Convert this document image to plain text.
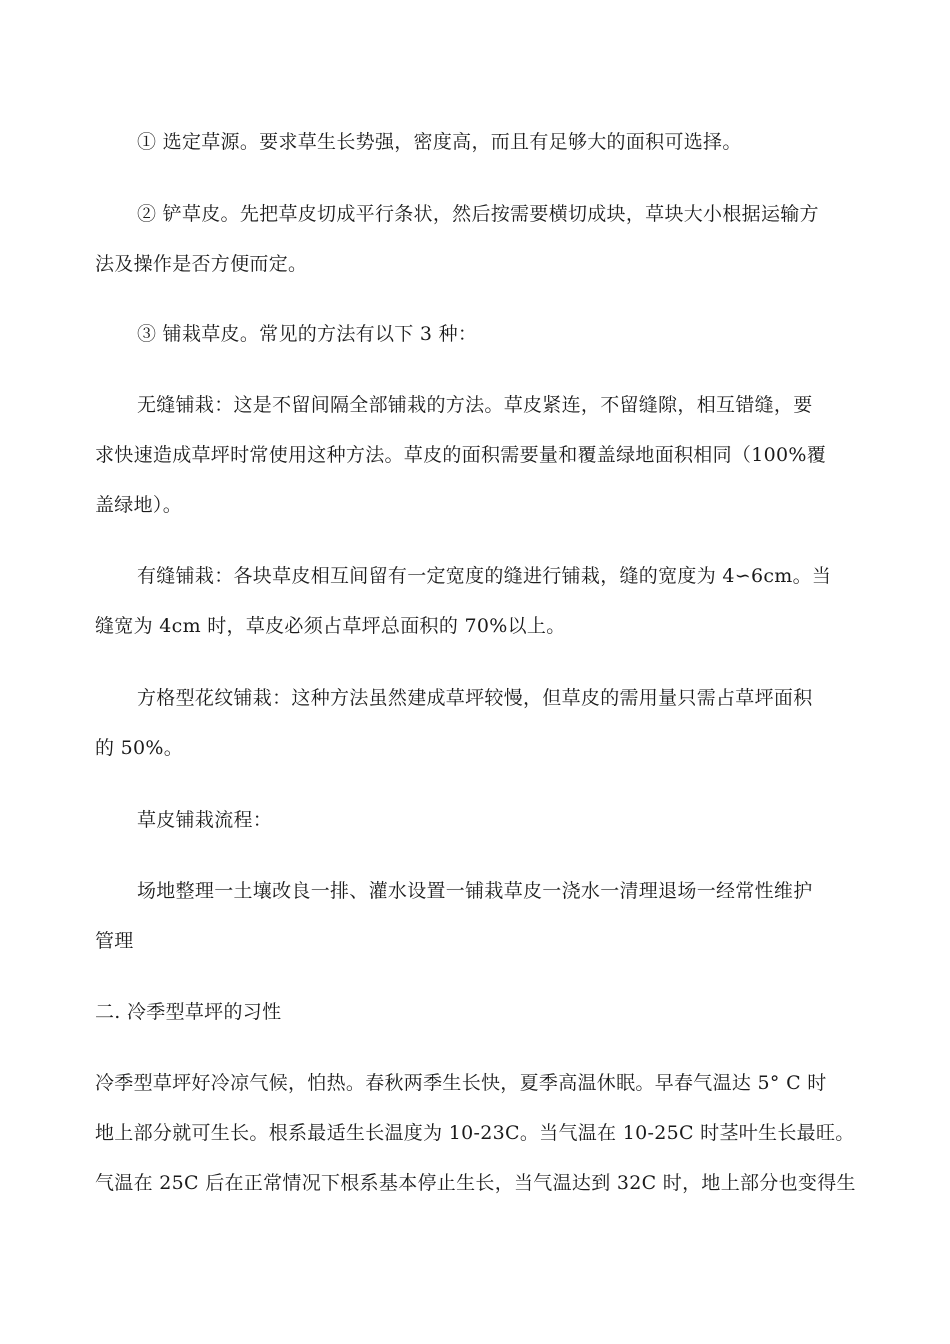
① 选定草源。要求草生长势强，密度高，而且有足够大的面积可选择。

② 铲草皮。先把草皮切成平行条状，然后按需要横切成块，草块大小根据运输方
法及操作是否方便而定。

③ 铺栽草皮。常见的方法有以下 3 种：

无缝铺栽：这是不留间隔全部铺栽的方法。草皮紧连，不留缝隙，相互错缝，要
求快速造成草坪时常使用这种方法。草皮的面积需要量和覆盖绿地面积相同（100%覆
盖绿地）。

有缝铺栽：各块草皮相互间留有一定宽度的缝进行铺栽，缝的宽度为 4∽6cm。当
缝宽为 4cm 时，草皮必须占草坪总面积的 70%以上。

方格型花纹铺栽：这种方法虽然建成草坪较慢，但草皮的需用量只需占草坪面积
的 50%。

草皮铺栽流程：

场地整理一土壤改良一排、灌水设置一铺栽草皮一浇水一清理退场一经常性维护
管理

二. 冷季型草坪的习性

冷季型草坪好冷凉气候，怕热。春秋两季生长快，夏季高温休眠。早春气温达 5° C 时
地上部分就可生长。根系最适生长温度为 10-23C。当气温在 10-25C 时茎叶生长最旺。
气温在 25C 后在正常情况下根系基本停止生长，当气温达到 32C 时，地上部分也变得生
